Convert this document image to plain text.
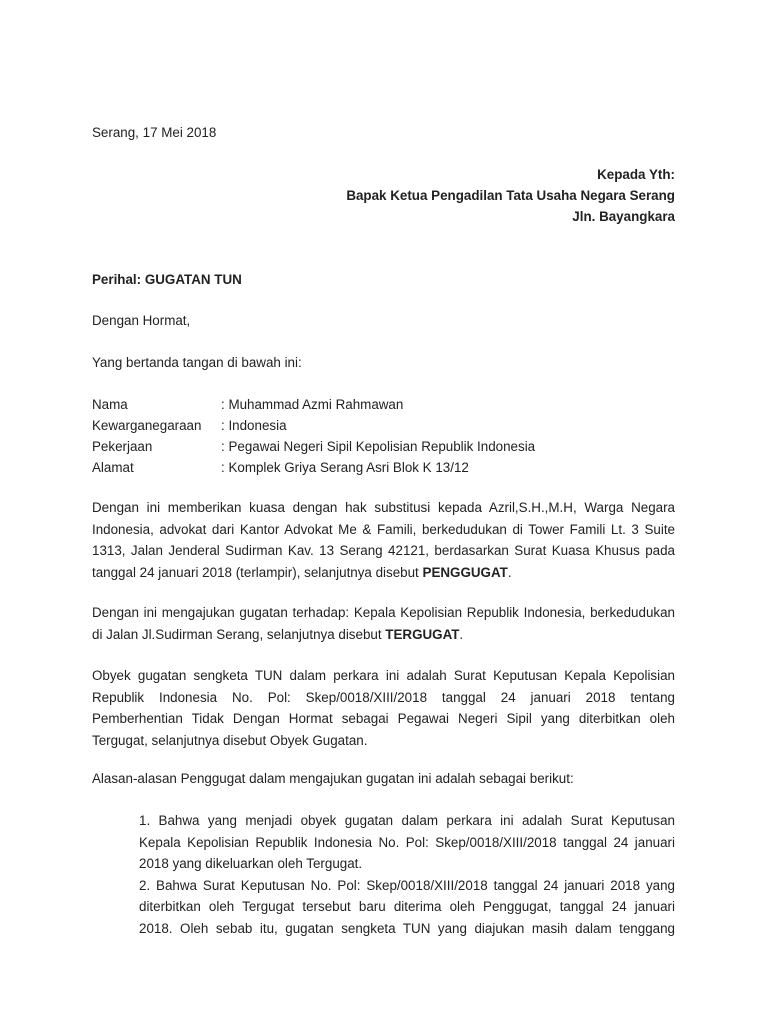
Serang, 17 Mei 2018
Kepada Yth:
Bapak Ketua Pengadilan Tata Usaha Negara Serang
Jln. Bayangkara
Perihal: GUGATAN TUN
Dengan Hormat,
Yang bertanda tangan di bawah ini:
Nama	: Muhammad Azmi Rahmawan
Kewarganegaraan : Indonesia
Pekerjaan	: Pegawai Negeri Sipil Kepolisian Republik Indonesia
Alamat	: Komplek Griya Serang Asri Blok K 13/12
Dengan ini memberikan kuasa dengan hak substitusi kepada Azril,S.H.,M.H, Warga Negara
Indonesia, advokat dari Kantor Advokat Me & Famili, berkedudukan di Tower Famili Lt. 3 Suite
1313, Jalan Jenderal Sudirman Kav. 13 Serang 42121, berdasarkan Surat Kuasa Khusus pada
tanggal 24 januari 2018 (terlampir), selanjutnya disebut PENGGUGAT.
Dengan ini mengajukan gugatan terhadap: Kepala Kepolisian Republik Indonesia, berkedudukan
di Jalan Jl.Sudirman Serang, selanjutnya disebut TERGUGAT.
Obyek gugatan sengketa TUN dalam perkara ini adalah Surat Keputusan Kepala Kepolisian
Republik Indonesia No. Pol: Skep/0018/XIII/2018 tanggal 24 januari 2018 tentang
Pemberhentian Tidak Dengan Hormat sebagai Pegawai Negeri Sipil yang diterbitkan oleh
Tergugat, selanjutnya disebut Obyek Gugatan.
Alasan-alasan Penggugat dalam mengajukan gugatan ini adalah sebagai berikut:
1. Bahwa yang menjadi obyek gugatan dalam perkara ini adalah Surat Keputusan
Kepala Kepolisian Republik Indonesia No. Pol: Skep/0018/XIII/2018 tanggal 24 januari
2018 yang dikeluarkan oleh Tergugat.
2. Bahwa Surat Keputusan No. Pol: Skep/0018/XIII/2018 tanggal 24 januari 2018 yang
diterbitkan oleh Tergugat tersebut baru diterima oleh Penggugat, tanggal 24 januari
2018. Oleh sebab itu, gugatan sengketa TUN yang diajukan masih dalam tenggang
